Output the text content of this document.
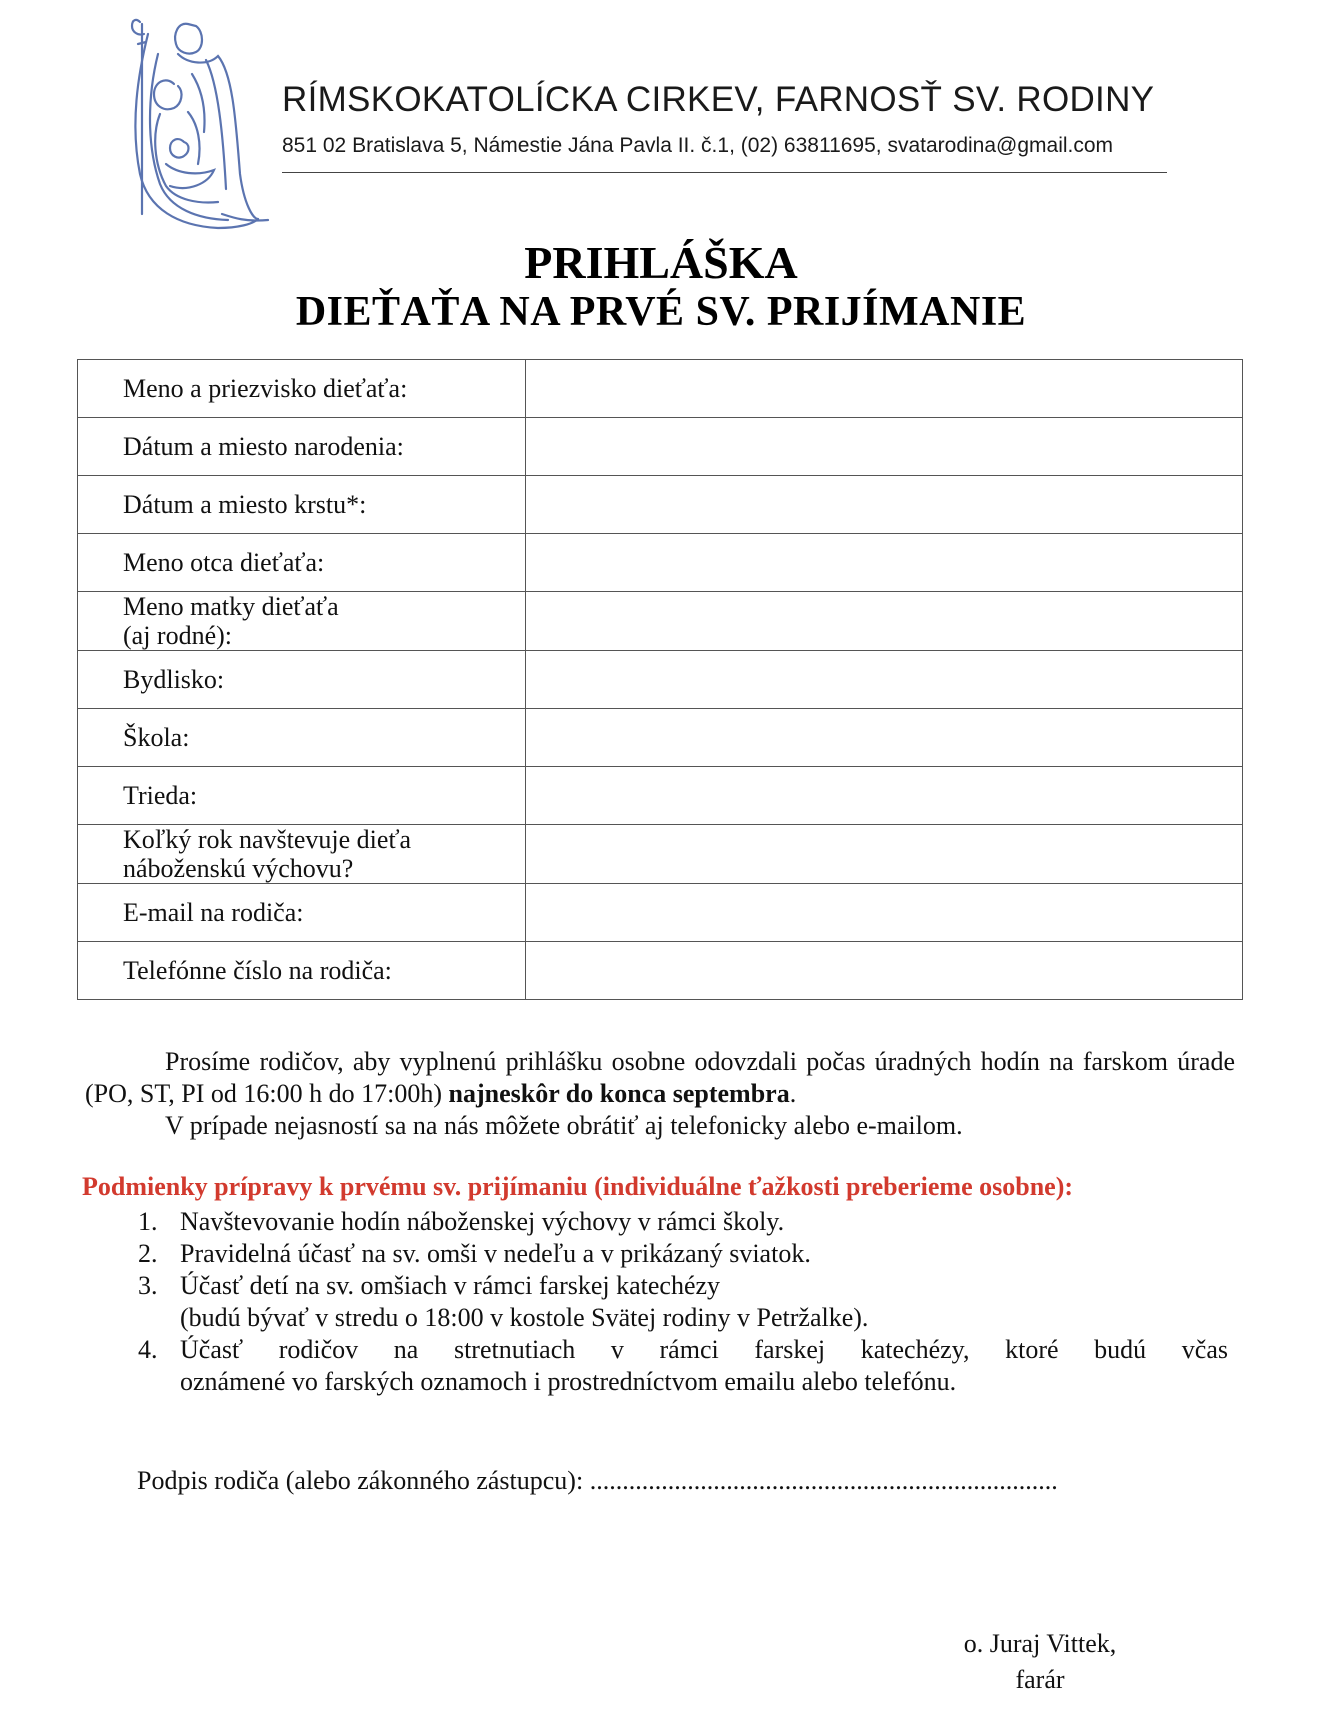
RÍMSKOKATOLÍCKA CIRKEV, FARNOSŤ SV. RODINY
851 02 Bratislava 5, Námestie Jána Pavla II. č.1, (02) 63811695, svatarodina@gmail.com
PRIHLÁŠKA
DIEŤAŤA NA PRVÉ SV. PRIJÍMANIE
Meno a priezvisko dieťaťa:	
Dátum a miesto narodenia:	
Dátum a miesto krstu*:	
Meno otca dieťaťa:	
Meno matky dieťaťa
(aj rodné):	
Bydlisko:	
Škola:	
Trieda:	
Koľký rok navštevuje dieťa
náboženskú výchovu?	
E-mail na rodiča:	
Telefónne číslo na rodiča:	
Prosíme rodičov, aby vyplnenú prihlášku osobne odovzdali počas úradných hodín na farskom úrade (PO, ST, PI od 16:00 h do 17:00h) najneskôr do konca septembra.
V prípade nejasností sa na nás môžete obrátiť aj telefonicky alebo e-mailom.
Podmienky prípravy k prvému sv. prijímaniu (individuálne ťažkosti preberieme osobne):
1. Navštevovanie hodín náboženskej výchovy v rámci školy.
2. Pravidelná účasť na sv. omši v nedeľu a v prikázaný sviatok.
3. Účasť detí na sv. omšiach v rámci farskej katechézy
(budú bývať v stredu o 18:00 v kostole Svätej rodiny v Petržalke).
4. Účasť rodičov na stretnutiach v rámci farskej katechézy, ktoré budú včas
oznámené vo farských oznamoch i prostredníctvom emailu alebo telefónu.
Podpis rodiča (alebo zákonného zástupcu): ........................................................................
o. Juraj Vittek,
farár
